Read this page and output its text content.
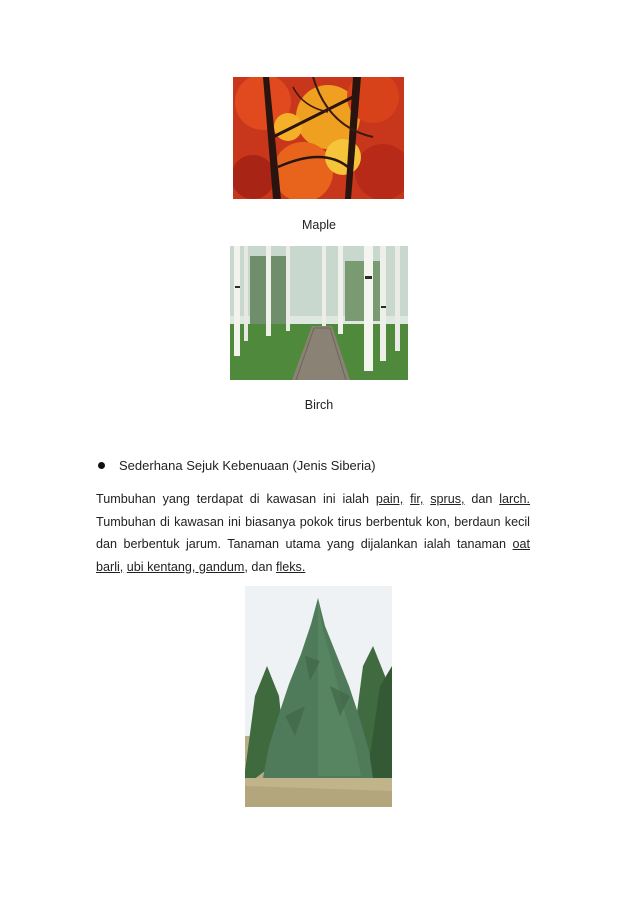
Maple
Birch
Sederhana Sejuk Kebenuaan (Jenis Siberia)
Tumbuhan yang terdapat di kawasan ini ialah pain, fir, sprus, dan larch. Tumbuhan di kawasan ini biasanya pokok tirus berbentuk kon, berdaun kecil dan berbentuk jarum. Tanaman utama yang dijalankan ialah tanaman oat barli, ubi kentang, gandum, dan fleks.
